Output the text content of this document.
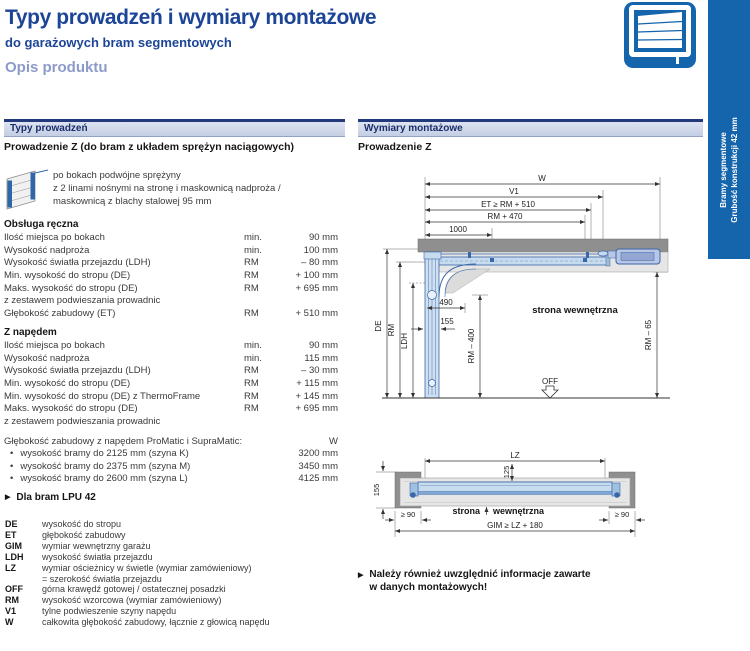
Typy prowadzeń i wymiary montażowe
do garażowych bram segmentowych
Opis produktu
Bramy segmentowe Grubość konstrukcji 42 mm
Typy prowadzeń
Prowadzenie Z (do bram z układem sprężyn naciągowych)
po bokach podwójne sprężyny
z 2 linami nośnymi na stronę i maskownicą nadproża /
maskownicą z blachy stalowej 95 mm
Obsługa ręczna
Ilość miejsca po bokach	min.	90 mm
Wysokość nadproża	min.	100 mm
Wysokość światła przejazdu (LDH)	RM	– 80 mm
Min. wysokość do stropu (DE)	RM	+ 100 mm
Maks. wysokość do stropu (DE)	RM	+ 695 mm
z zestawem podwieszania prowadnic
Głębokość zabudowy (ET)	RM	+ 510 mm
Z napędem
Ilość miejsca po bokach	min.	90 mm
Wysokość nadproża	min.	115 mm
Wysokość światła przejazdu (LDH)	RM	– 30 mm
Min. wysokość do stropu (DE)	RM	+ 115 mm
Min. wysokość do stropu (DE) z ThermoFrame	RM	+ 145 mm
Maks. wysokość do stropu (DE)	RM	+ 695 mm
z zestawem podwieszania prowadnic
Głębokość zabudowy z napędem ProMatic i SupraMatic:	W
• wysokość bramy do 2125 mm (szyna K)	3200 mm
• wysokość bramy do 2375 mm (szyna M)	3450 mm
• wysokość bramy do 2600 mm (szyna L)	4125 mm
▶ Dla bram LPU 42
DE	wysokość do stropu
ET	głębokość zabudowy
GIM	wymiar wewnętrzny garażu
LDH	wysokość światła przejazdu
LZ	wymiar ościeżnicy w świetle (wymiar zamówieniowy)
= szerokość światła przejazdu
OFF	górna krawędź gotowej / ostatecznej posadzki
RM	wysokość wzorcowa (wymiar zamówieniowy)
V1	tylne podwieszenie szyny napędu
W	całkowita głębokość zabudowy, łącznie z głowicą napędu
Wymiary montażowe
Prowadzenie Z
W
V1
ET ≥ RM + 510
RM + 470
1000
490
155
DE RM
LDH	RM – 400	RM – 65
strona wewnętrzna
OFF
LZ
125
155
≥ 90	≥ 90
GIM ≥ LZ + 180
strona wewnętrzna
▶ Należy również uwzględnić informacje zawarte
w danych montażowych!
